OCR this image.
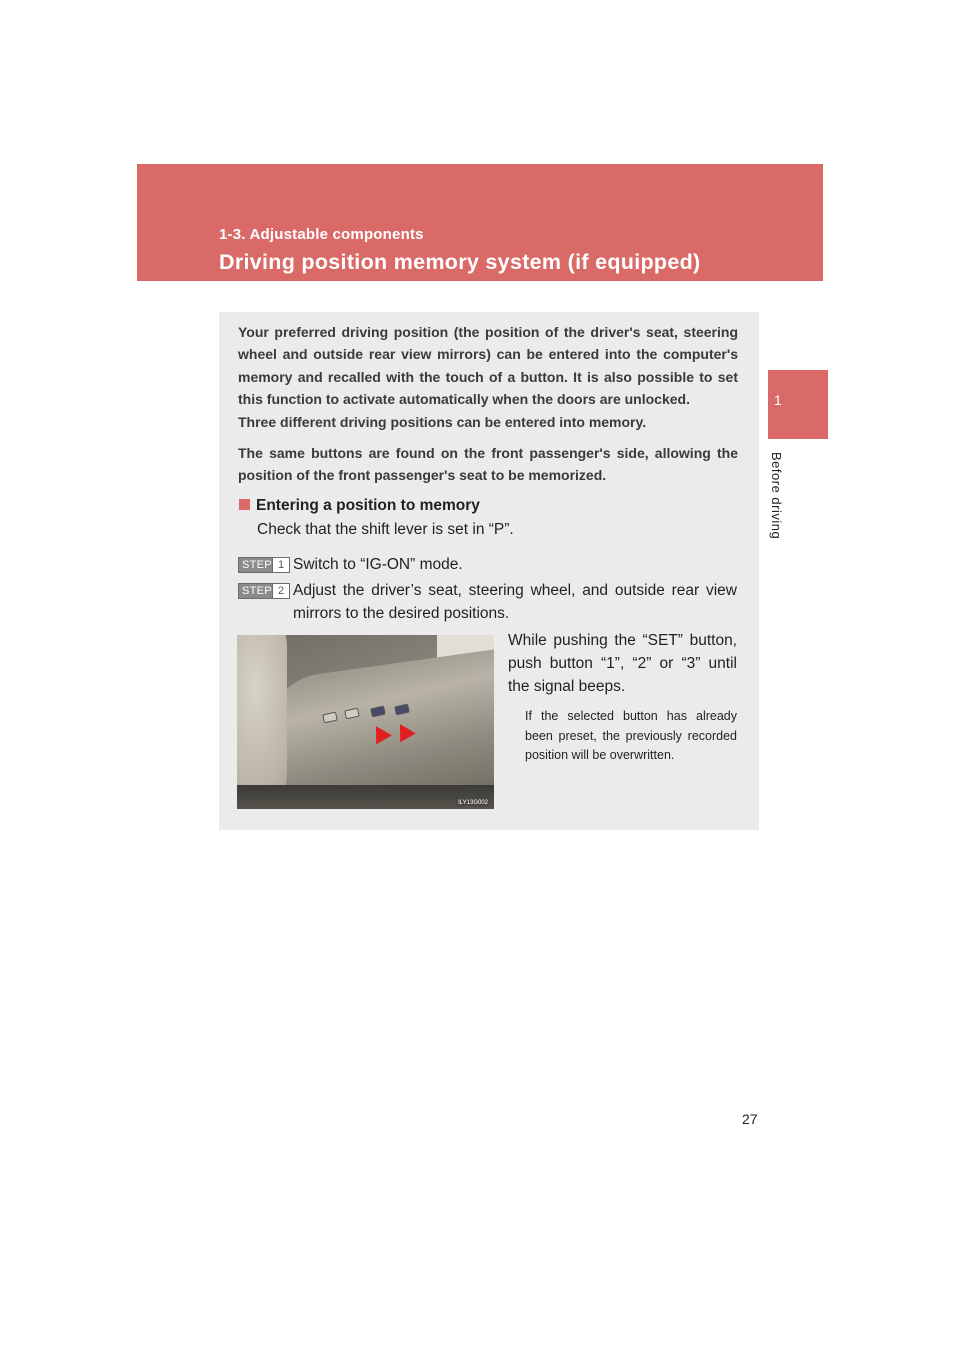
1-3. Adjustable components
Driving position memory system (if equipped)
1
Before driving

Your preferred driving position (the position of the driver's seat, steering wheel and outside rear view mirrors) can be entered into the computer's memory and recalled with the touch of a button. It is also possible to set this function to activate automatically when the doors are unlocked.

Three different driving positions can be entered into memory.

The same buttons are found on the front passenger's side, allowing the position of the front passenger's seat to be memorized.

Entering a position to memory
Check that the shift lever is set in “P”.
STEP 1 Switch to “IG-ON” mode.
STEP 2 Adjust the driver’s seat, steering wheel, and outside rear view mirrors to the desired positions.
ILY13G002
While pushing the “SET” button, push button “1”, “2” or “3” until the signal beeps.
If the selected button has already been preset, the previously recorded position will be overwritten.
27
